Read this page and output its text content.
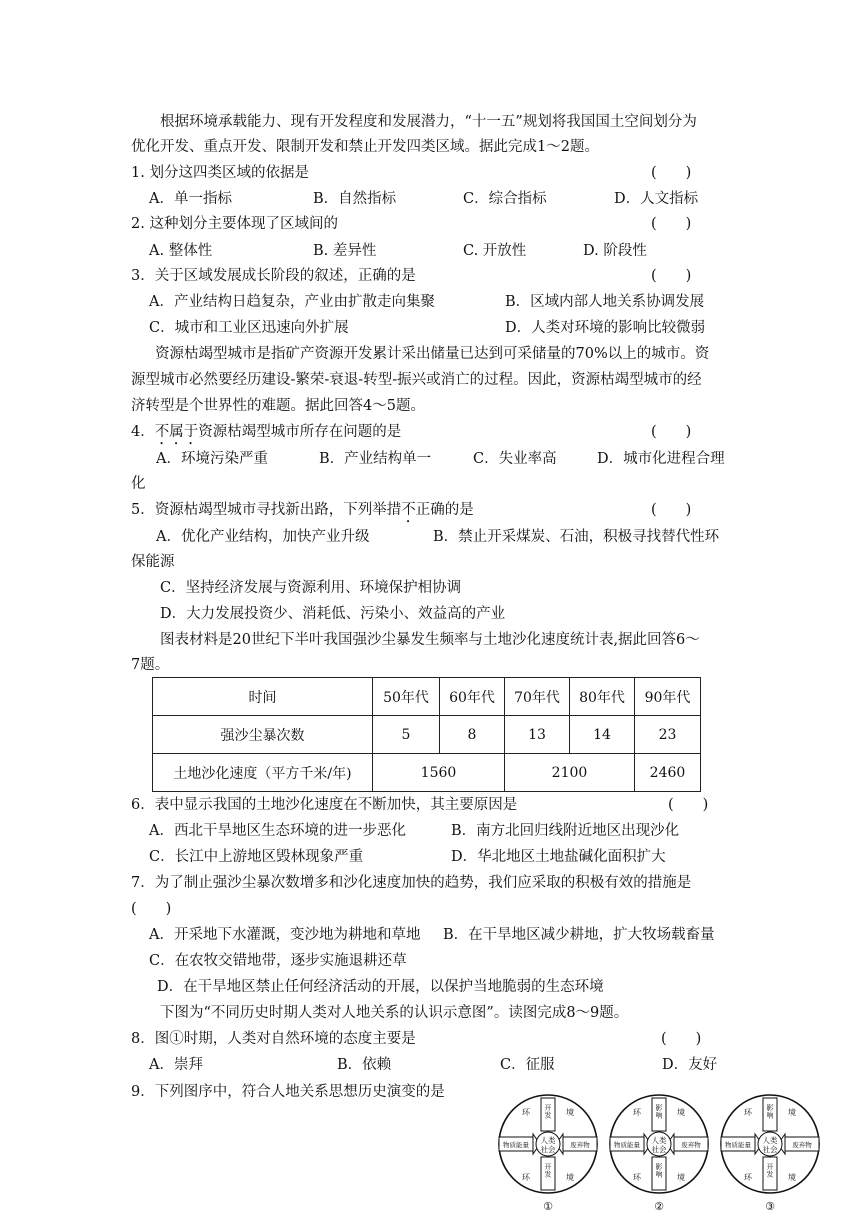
根据环境承载能力、现有开发程度和发展潜力，“十一五”规划将我国国土空间划分为
优化开发、重点开发、限制开发和禁止开发四类区域。据此完成1～2题。
1. 划分这四类区域的依据是	(　　)
A．单一指标	B．自然指标	C．综合指标	D．人文指标
2. 这种划分主要体现了区域间的	(　　)
A. 整体性	B. 差异性	C. 开放性	D. 阶段性
3．关于区域发展成长阶段的叙述，正确的是	(　　)
A．产业结构日趋复杂，产业由扩散走向集聚	B．区域内部人地关系协调发展
C．城市和工业区迅速向外扩展	D．人类对环境的影响比较微弱
资源枯竭型城市是指矿产资源开发累计采出储量已达到可采储量的70%以上的城市。资
源型城市必然要经历建设-繁荣-衰退-转型-振兴或消亡的过程。因此，资源枯竭型城市的经
济转型是个世界性的难题。据此回答4～5题。
4．不属于资源枯竭型城市所存在问题的是	(　　)
A．环境污染严重	B．产业结构单一	C．失业率高	D．城市化进程合理
化
5．资源枯竭型城市寻找新出路，下列举措不正确的是	(　　)
A．优化产业结构，加快产业升级	B．禁止开采煤炭、石油，积极寻找替代性环
保能源
C．坚持经济发展与资源利用、环境保护相协调
D．大力发展投资少、消耗低、污染小、效益高的产业
图表材料是20世纪下半叶我国强沙尘暴发生频率与土地沙化速度统计表,据此回答6～
7题。
时间	50年代	60年代	70年代	80年代	90年代
强沙尘暴次数	5	8	13	14	23
土地沙化速度（平方千米/年)	1560		2100		2460
6．表中显示我国的土地沙化速度在不断加快，其主要原因是	(　　)
A．西北干旱地区生态环境的进一步恶化	B．南方北回归线附近地区出现沙化
C．长江中上游地区毁林现象严重	D．华北地区土地盐碱化面积扩大
7．为了制止强沙尘暴次数增多和沙化速度加快的趋势，我们应采取的积极有效的措施是
(　　)
A．开采地下水灌溉，变沙地为耕地和草地 B．在干旱地区减少耕地，扩大牧场载畜量
C．在农牧交错地带，逐步实施退耕还草
D．在干旱地区禁止任何经济活动的开展，以保护当地脆弱的生态环境
下图为“不同历史时期人类对人地关系的认识示意图”。读图完成8～9题。
8．图①时期，人类对自然环境的态度主要是	(　　)
A．崇拜	B．依赖	C．征服	D．友好
9．下列图序中，符合人地关系思想历史演变的是
人类
社会
开发
开发
物质能量	废弃物
环	境
环	境
①
人类
社会
影响
影响
物质能量	废弃物
环	境
环	境
②
人类
社会
影响
开发
物质能量	废弃物
环	境
环	境
③
